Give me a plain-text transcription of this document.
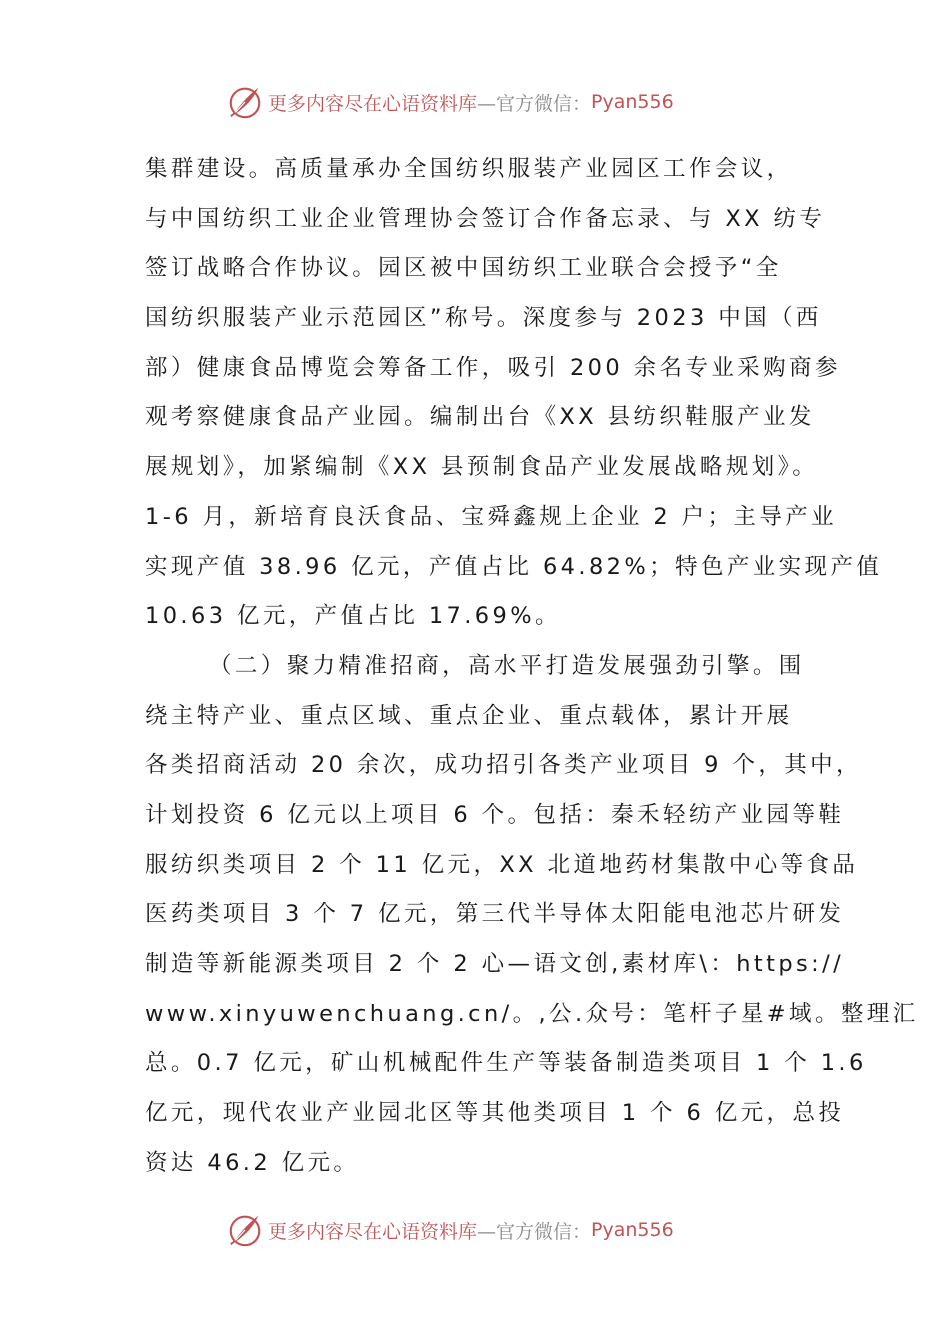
更多内容尽在心语资料库 —官方微信： Pyan556
集群建设。高质量承办全国纺织服装产业园区工作会议，
与中国纺织工业企业管理协会签订合作备忘录、与 XX 纺专
签订战略合作协议。园区被中国纺织工业联合会授予“全
国纺织服装产业示范园区”称号。深度参与 2023 中国（西
部）健康食品博览会筹备工作，吸引 200 余名专业采购商参
观考察健康食品产业园。编制出台《XX 县纺织鞋服产业发
展规划》，加紧编制《XX 县预制食品产业发展战略规划》。
1-6 月，新培育良沃食品、宝舜鑫规上企业 2 户；主导产业
实现产值 38.96 亿元，产值占比 64.82%；特色产业实现产值
10.63 亿元，产值占比 17.69%。
（二）聚力精准招商，高水平打造发展强劲引擎。围
绕主特产业、重点区域、重点企业、重点载体，累计开展
各类招商活动 20 余次，成功招引各类产业项目 9 个，其中，
计划投资 6 亿元以上项目 6 个。包括：秦禾轻纺产业园等鞋
服纺织类项目 2 个 11 亿元，XX 北道地药材集散中心等食品
医药类项目 3 个 7 亿元，第三代半导体太阳能电池芯片研发
制造等新能源类项目 2 个 2 心—语文创,素材库\：https://
www.xinyuwenchuang.cn/。,公.众号：笔杆子星#域。整理汇
总。0.7 亿元，矿山机械配件生产等装备制造类项目 1 个 1.6
亿元，现代农业产业园北区等其他类项目 1 个 6 亿元，总投
资达 46.2 亿元。
更多内容尽在心语资料库 —官方微信： Pyan556
